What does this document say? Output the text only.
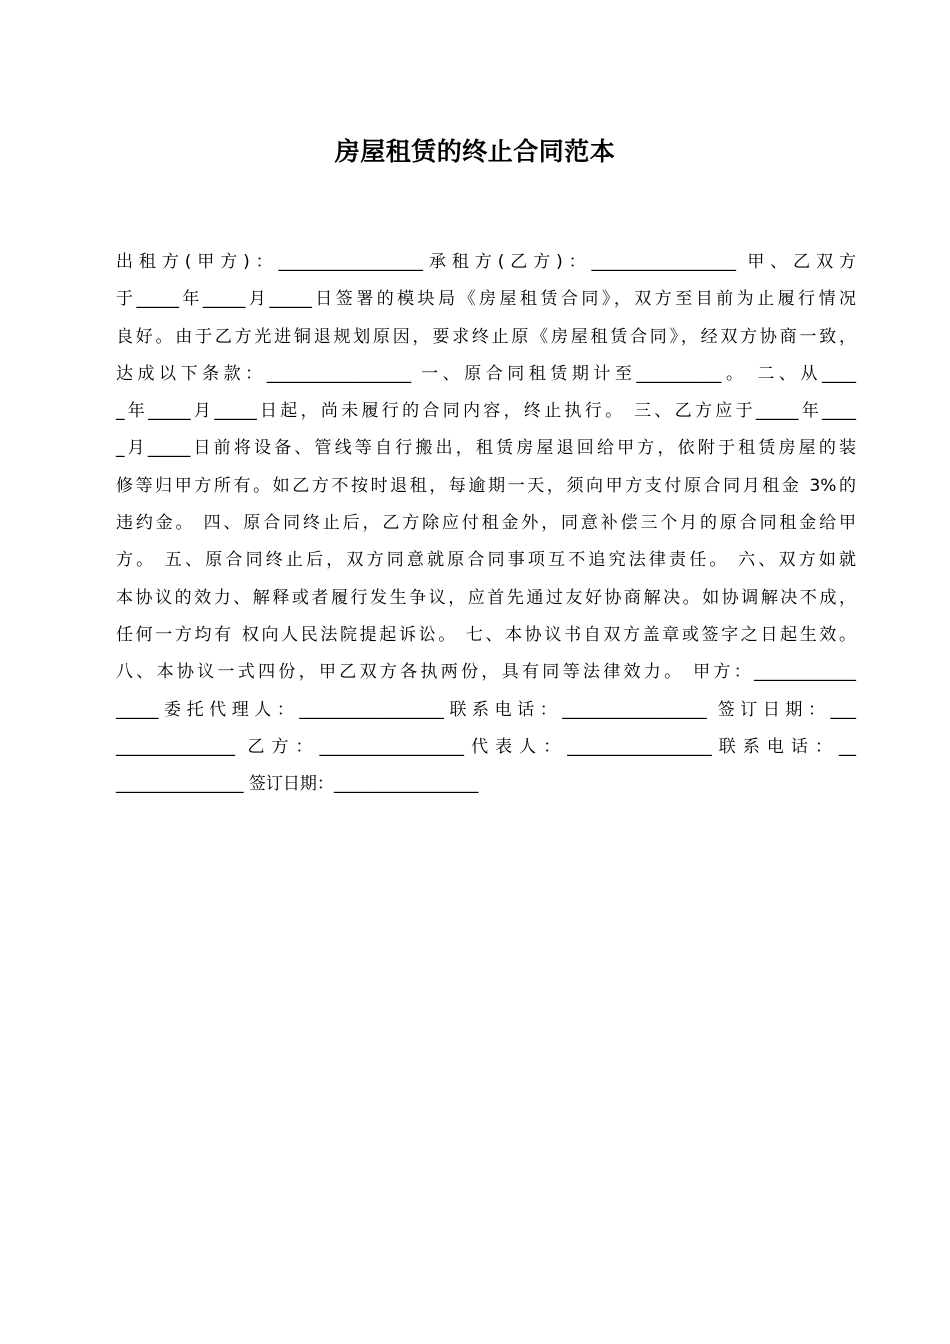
房屋租赁的终止合同范本
出租方(甲方)：_________________承租方(乙方)：_________________ 甲、乙双方
于_____年_____月_____日签署的模块局《房屋租赁合同》，双方至目前为止履行情况
良好。由于乙方光进铜退规划原因，要求终止原《房屋租赁合同》，经双方协商一致，
达成以下条款：_________________ 一、原合同租赁期计至__________。 二、从____
_年_____月_____日起，尚未履行的合同内容，终止执行。 三、乙方应于_____年____
_月_____日前将设备、管线等自行搬出，租赁房屋退回给甲方，依附于租赁房屋的装
修等归甲方所有。如乙方不按时退租，每逾期一天，须向甲方支付原合同月租金 3%的
违约金。 四、原合同终止后，乙方除应付租金外，同意补偿三个月的原合同租金给甲
方。 五、原合同终止后，双方同意就原合同事项互不追究法律责任。 六、双方如就
本协议的效力、解释或者履行发生争议，应首先通过友好协商解决。如协调解决不成，
任何一方均有 权向人民法院提起诉讼。 七、本协议书自双方盖章或签字之日起生效。
八、本协议一式四份，甲乙双方各执两份，具有同等法律效力。 甲方：____________
_____委托代理人：_________________联系电话：_________________ 签订日期：___
______________ 乙方：_________________代表人：_________________联系电话：__
_______________ 签订日期：_________________
